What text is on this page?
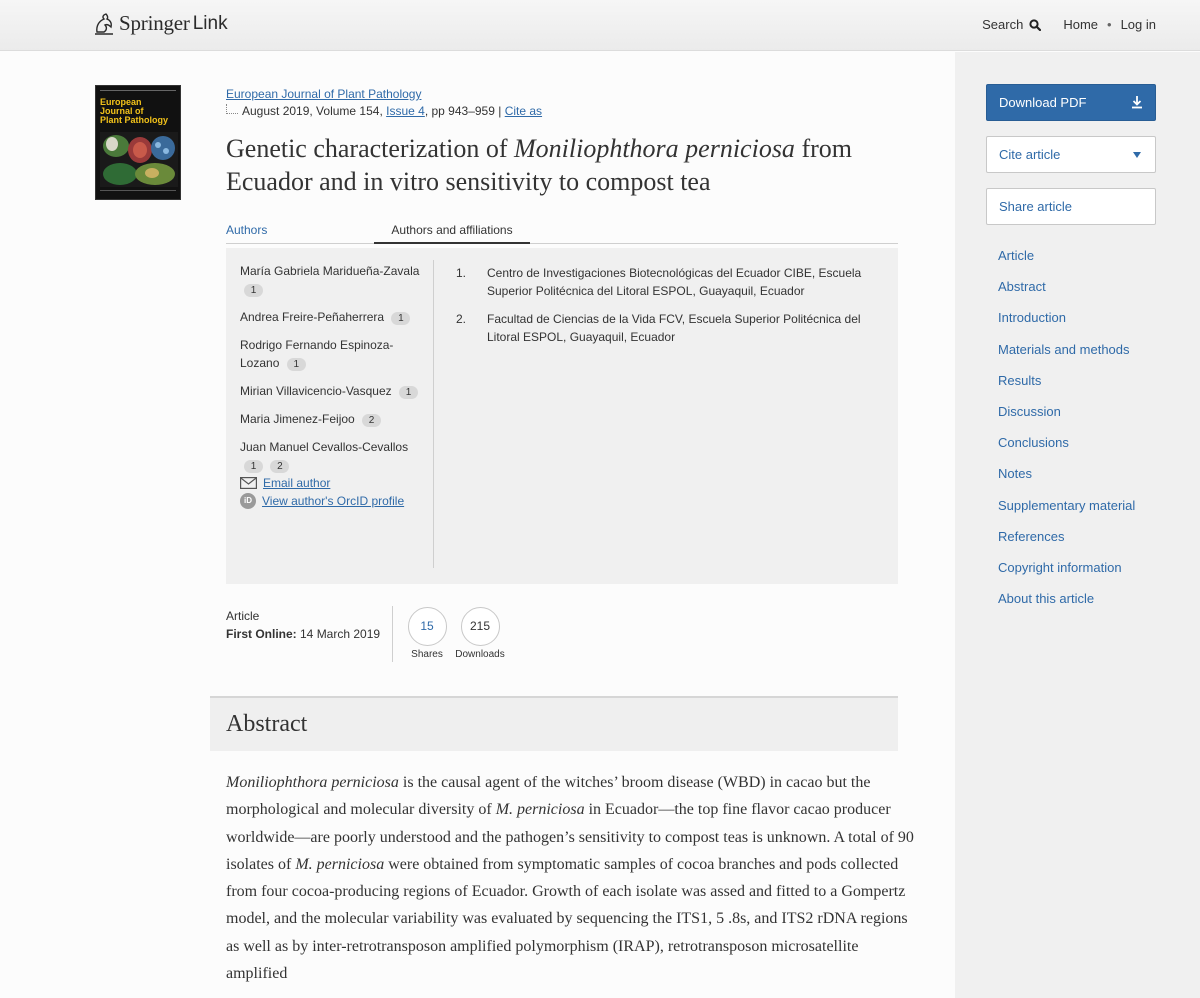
Springer Link	Search	Home • Log in
European
Journal of
Plant Pathology
European Journal of Plant Pathology
August 2019, Volume 154,
Issue 4 , pp 943–959 |
Cite as
Genetic characterization of Moniliophthora perniciosa from Ecuador and in vitro sensitivity to compost tea
Authors	Authors and affiliations
María Gabriela Maridueña-Zavala 1
Andrea Freire-Peñaherrera 1
Rodrigo Fernando Espinoza-Lozano 1
Mirian Villavicencio-Vasquez 1
Maria Jimenez-Feijoo 2
Juan Manuel Cevallos-Cevallos 1 2
Email author
iD View author's OrcID profile
1.	Centro de Investigaciones Biotecnológicas del Ecuador CIBE, Escuela Superior Politécnica del Litoral ESPOL, Guayaquil, Ecuador
2.	Facultad de Ciencias de la Vida FCV, Escuela Superior Politécnica del Litoral ESPOL, Guayaquil, Ecuador
Article
First Online: 14 March 2019
15
Shares
215
Downloads
Abstract

Moniliophthora perniciosa is the causal agent of the witches’ broom disease (WBD) in cacao but the morphological and molecular diversity of M. perniciosa in Ecuador—the top fine flavor cacao producer worldwide—are poorly understood and the pathogen’s sensitivity to compost teas is unknown. A total of 90 isolates of M. perniciosa were obtained from symptomatic samples of cocoa branches and pods collected from four cocoa-producing regions of Ecuador. Growth of each isolate was assed and fitted to a Gompertz model, and the molecular variability was evaluated by sequencing the ITS1, 5 .8s, and ITS2 rDNA regions as well as by inter-retrotransposon amplified polymorphism (IRAP), retrotransposon microsatellite amplified

Download PDF
Cite article
Share article
Article
Abstract
Introduction
Materials and methods
Results
Discussion
Conclusions
Notes
Supplementary material
References
Copyright information
About this article
